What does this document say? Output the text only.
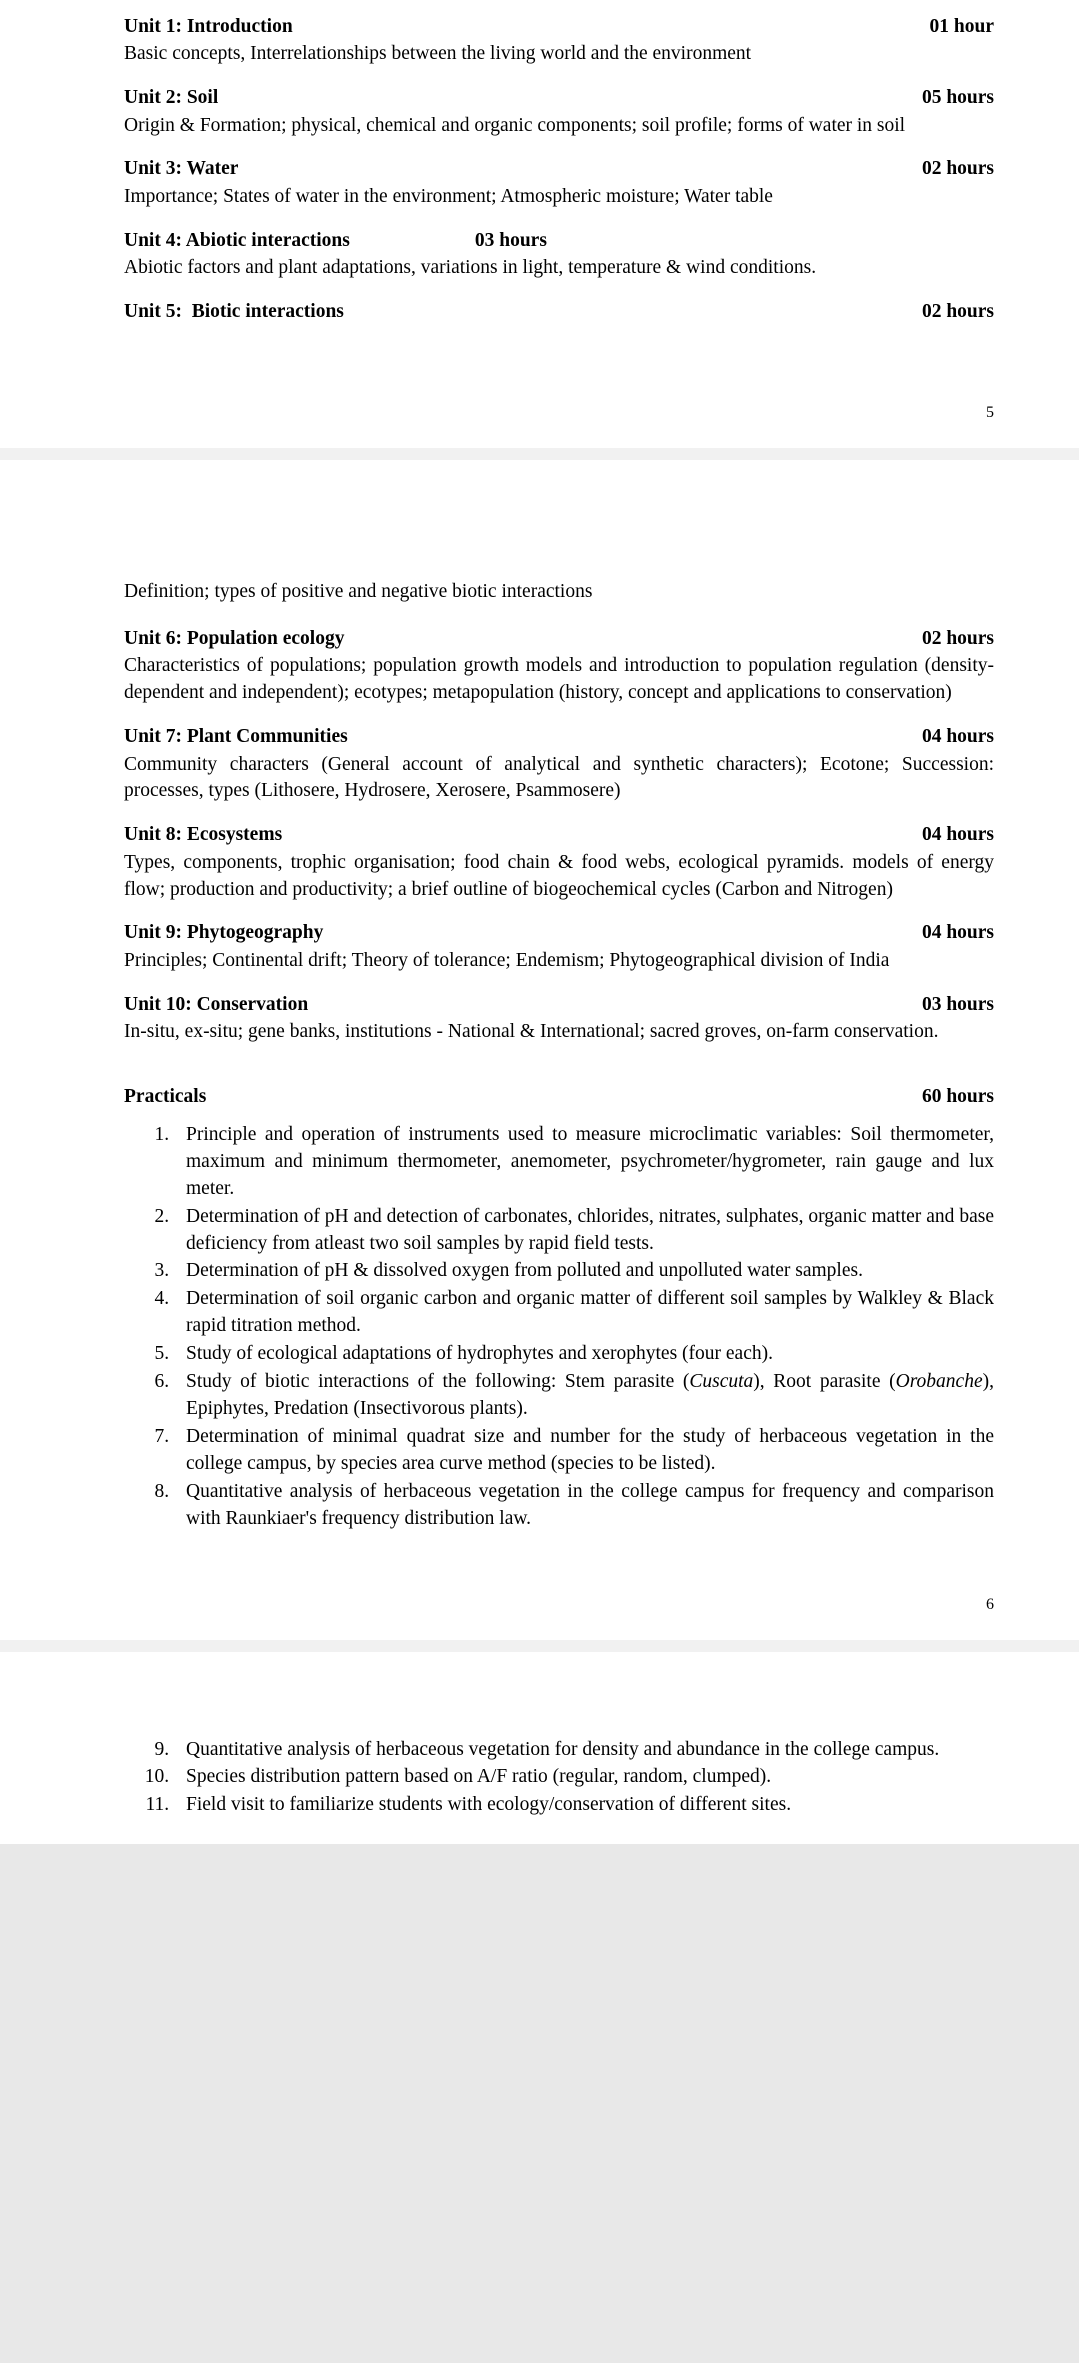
Unit 1: Introduction	01 hour
Basic concepts, Interrelationships between the living world and the environment
Unit 2: Soil	05 hours
Origin & Formation; physical, chemical and organic components; soil profile; forms of water in soil
Unit 3: Water	02 hours
Importance; States of water in the environment; Atmospheric moisture; Water table
Unit 4: Abiotic interactions	03 hours
Abiotic factors and plant adaptations, variations in light, temperature & wind conditions.
Unit 5:  Biotic interactions	02 hours
5
Definition; types of positive and negative biotic interactions
Unit 6: Population ecology	02 hours
Characteristics of populations; population growth models and introduction to population regulation (density-dependent and independent); ecotypes; metapopulation (history, concept and applications to conservation)
Unit 7: Plant Communities	04 hours
Community characters (General account of analytical and synthetic characters); Ecotone; Succession: processes, types (Lithosere, Hydrosere, Xerosere, Psammosere)
Unit 8: Ecosystems	04 hours
Types, components, trophic organisation; food chain & food webs, ecological pyramids. models of energy flow; production and productivity; a brief outline of biogeochemical cycles (Carbon and Nitrogen)
Unit 9: Phytogeography	04 hours
Principles; Continental drift; Theory of tolerance; Endemism; Phytogeographical division of India
Unit 10: Conservation	03 hours
In-situ, ex-situ; gene banks, institutions - National & International; sacred groves, on-farm conservation.
Practicals	60 hours
1. Principle and operation of instruments used to measure microclimatic variables: Soil thermometer, maximum and minimum thermometer, anemometer, psychrometer/hygrometer, rain gauge and lux meter.
2. Determination of pH and detection of carbonates, chlorides, nitrates, sulphates, organic matter and base deficiency from atleast two soil samples by rapid field tests.
3. Determination of pH & dissolved oxygen from polluted and unpolluted water samples.
4. Determination of soil organic carbon and organic matter of different soil samples by Walkley & Black rapid titration method.
5. Study of ecological adaptations of hydrophytes and xerophytes (four each).
6. Study of biotic interactions of the following: Stem parasite (Cuscuta), Root parasite (Orobanche), Epiphytes, Predation (Insectivorous plants).
7. Determination of minimal quadrat size and number for the study of herbaceous vegetation in the college campus, by species area curve method (species to be listed).
8. Quantitative analysis of herbaceous vegetation in the college campus for frequency and comparison with Raunkiaer's frequency distribution law.
6
9. Quantitative analysis of herbaceous vegetation for density and abundance in the college campus.
10. Species distribution pattern based on A/F ratio (regular, random, clumped).
11. Field visit to familiarize students with ecology/conservation of different sites.
